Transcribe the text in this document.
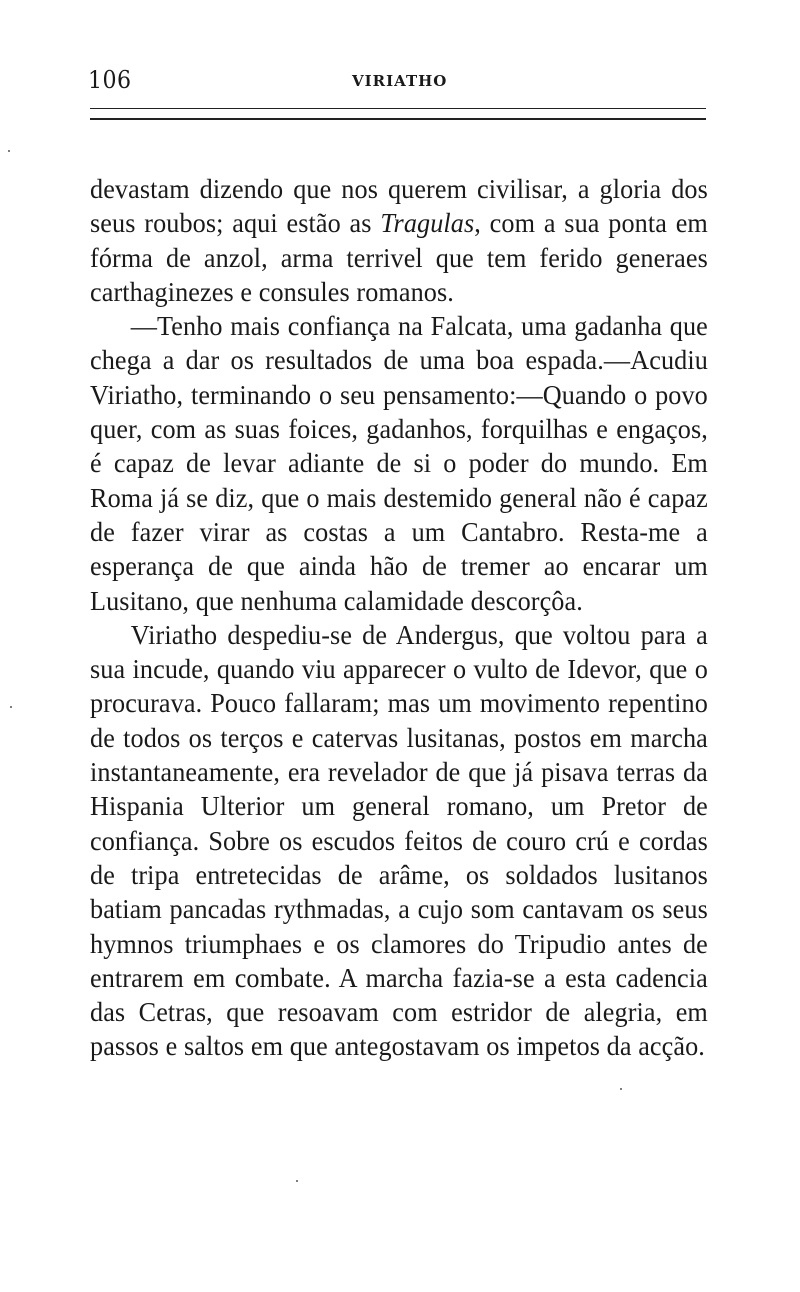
106	VIRIATHO

devastam dizendo que nos querem civilisar, a gloria dos seus roubos; aqui estão as Tragulas, com a sua ponta em fórma de anzol, arma terrivel que tem ferido generaes carthaginezes e consules romanos.

—Tenho mais confiança na Falcata, uma gadanha que chega a dar os resultados de uma boa espada.—Acudiu Viriatho, terminando o seu pensamento:—Quando o povo quer, com as suas foices, gadanhos, forquilhas e engaços, é capaz de levar adiante de si o poder do mundo. Em Roma já se diz, que o mais destemido general não é capaz de fazer virar as costas a um Cantabro. Resta-me a esperança de que ainda hão de tremer ao encarar um Lusitano, que nenhuma calamidade descorçôa.

Viriatho despediu-se de Andergus, que voltou para a sua incude, quando viu apparecer o vulto de Idevor, que o procurava. Pouco fallaram; mas um movimento repentino de todos os terços e catervas lusitanas, postos em marcha instantaneamente, era revelador de que já pisava terras da Hispania Ulterior um general romano, um Pretor de confiança. Sobre os escudos feitos de couro crú e cordas de tripa entretecidas de arâme, os soldados lusitanos batiam pancadas rythmadas, a cujo som cantavam os seus hymnos triumphaes e os clamores do Tripudio antes de entrarem em combate. A marcha fazia-se a esta cadencia das Cetras, que resoavam com estridor de alegria, em passos e saltos em que antegostavam os impetos da acção.
